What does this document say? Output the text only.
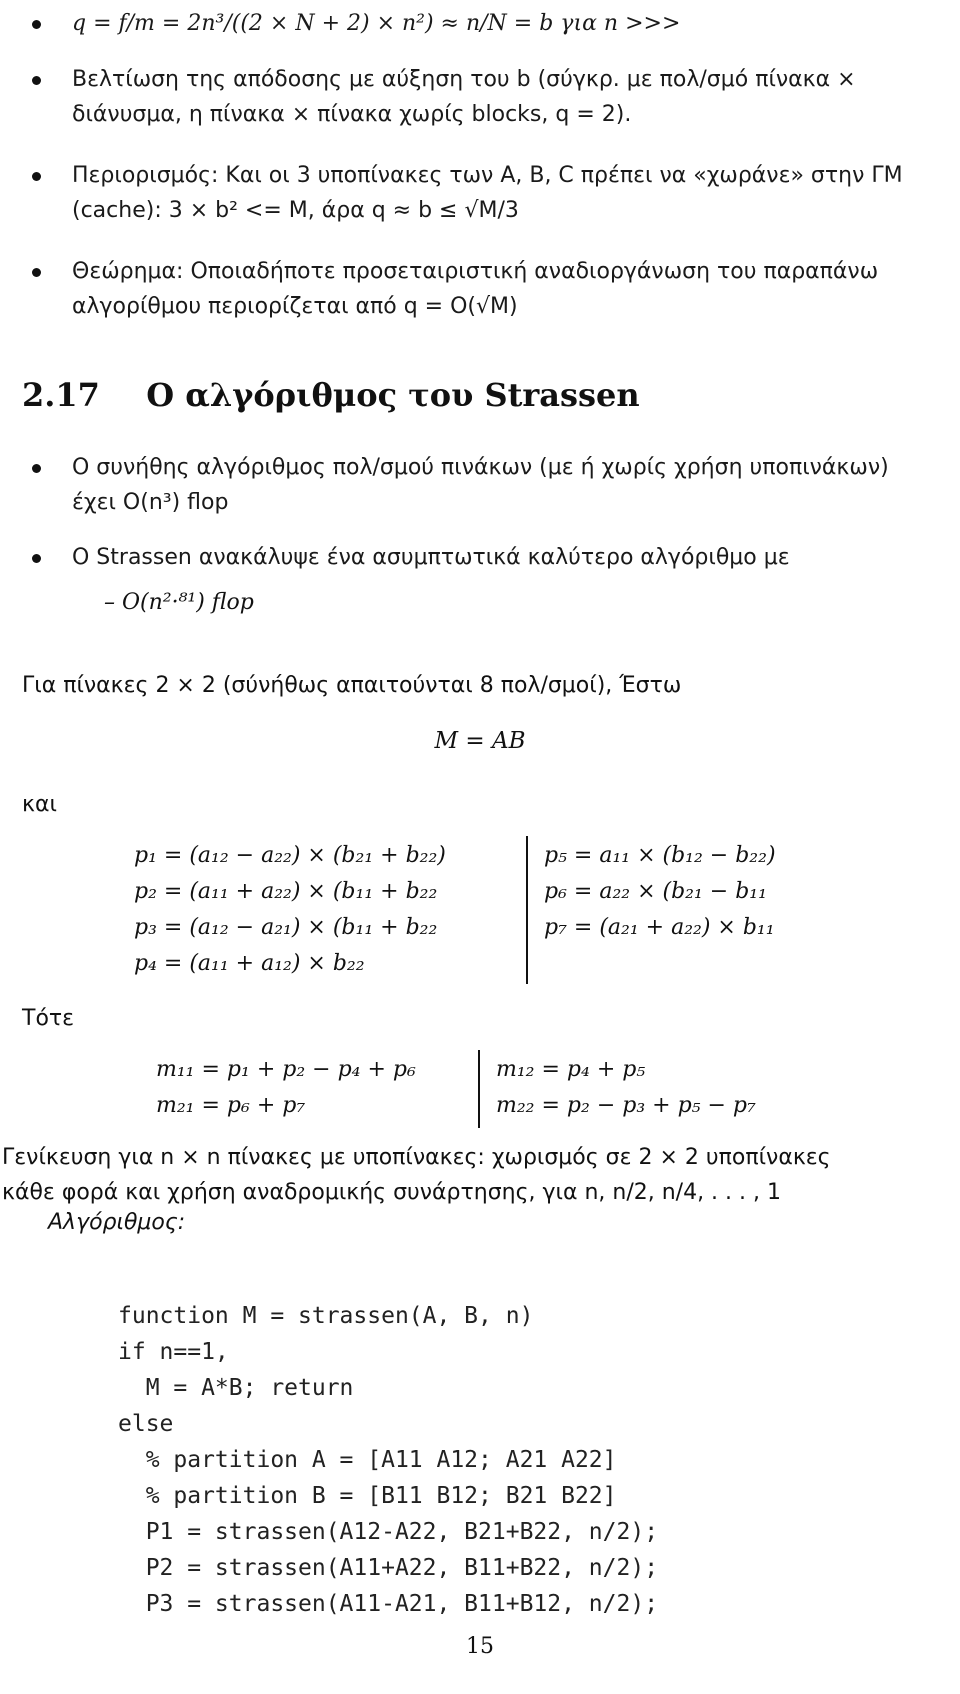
q = f/m = 2n³/((2 × N + 2) × n²) ≈ n/N = b για n >>>
Βελτίωση της απόδοσης με αύξηση του b (σύγκρ. με πολ/σμό πίνακα × διάνυσμα, η πίνακα × πίνακα χωρίς blocks, q = 2).
Περιορισμός: Και οι 3 υποπίνακες των A, B, C πρέπει να «χωράνε» στην ΓΜ (cache): 3 × b² <= M, άρα q ≈ b ≤ √M/3
Θεώρημα: Οποιαδήποτε προσεταιριστική αναδιοργάνωση του παραπάνω αλγορίθμου περιορίζεται από q = O(√M)
2.17 Ο αλγόριθμος του Strassen
Ο συνήθης αλγόριθμος πολ/σμού πινάκων (με ή χωρίς χρήση υποπινάκων) έχει O(n³) flop
Ο Strassen ανακάλυψε ένα ασυμπτωτικά καλύτερο αλγόριθμο με
– O(n²·⁸¹) flop
Για πίνακες 2 × 2 (σύνήθως απαιτούνται 8 πολ/σμοί), Έστω
M = AB
και
p₁ = (a₁₂ − a₂₂) × (b₂₁ + b₂₂)
p₂ = (a₁₁ + a₂₂) × (b₁₁ + b₂₂
p₃ = (a₁₂ − a₂₁) × (b₁₁ + b₂₂
p₄ = (a₁₁ + a₁₂) × b₂₂
p₅ = a₁₁ × (b₁₂ − b₂₂)
p₆ = a₂₂ × (b₂₁ − b₁₁
p₇ = (a₂₁ + a₂₂) × b₁₁
Τότε
m₁₁ = p₁ + p₂ − p₄ + p₆
m₂₁ = p₆ + p₇
m₁₂ = p₄ + p₅
m₂₂ = p₂ − p₃ + p₅ − p₇
Γενίκευση για n × n πίνακες με υποπίνακες: χωρισμός σε 2 × 2 υποπίνακες
κάθε φορά και χρήση αναδρομικής συνάρτησης, για n, n/2, n/4, . . . , 1
Αλγόριθμος:

function M = strassen(A, B, n)
if n==1,
M = A*B; return
else
% partition A = [A11 A12; A21 A22]
% partition B = [B11 B12; B21 B22]
P1 = strassen(A12-A22, B21+B22, n/2);
P2 = strassen(A11+A22, B11+B22, n/2);
P3 = strassen(A11-A21, B11+B12, n/2);

15
